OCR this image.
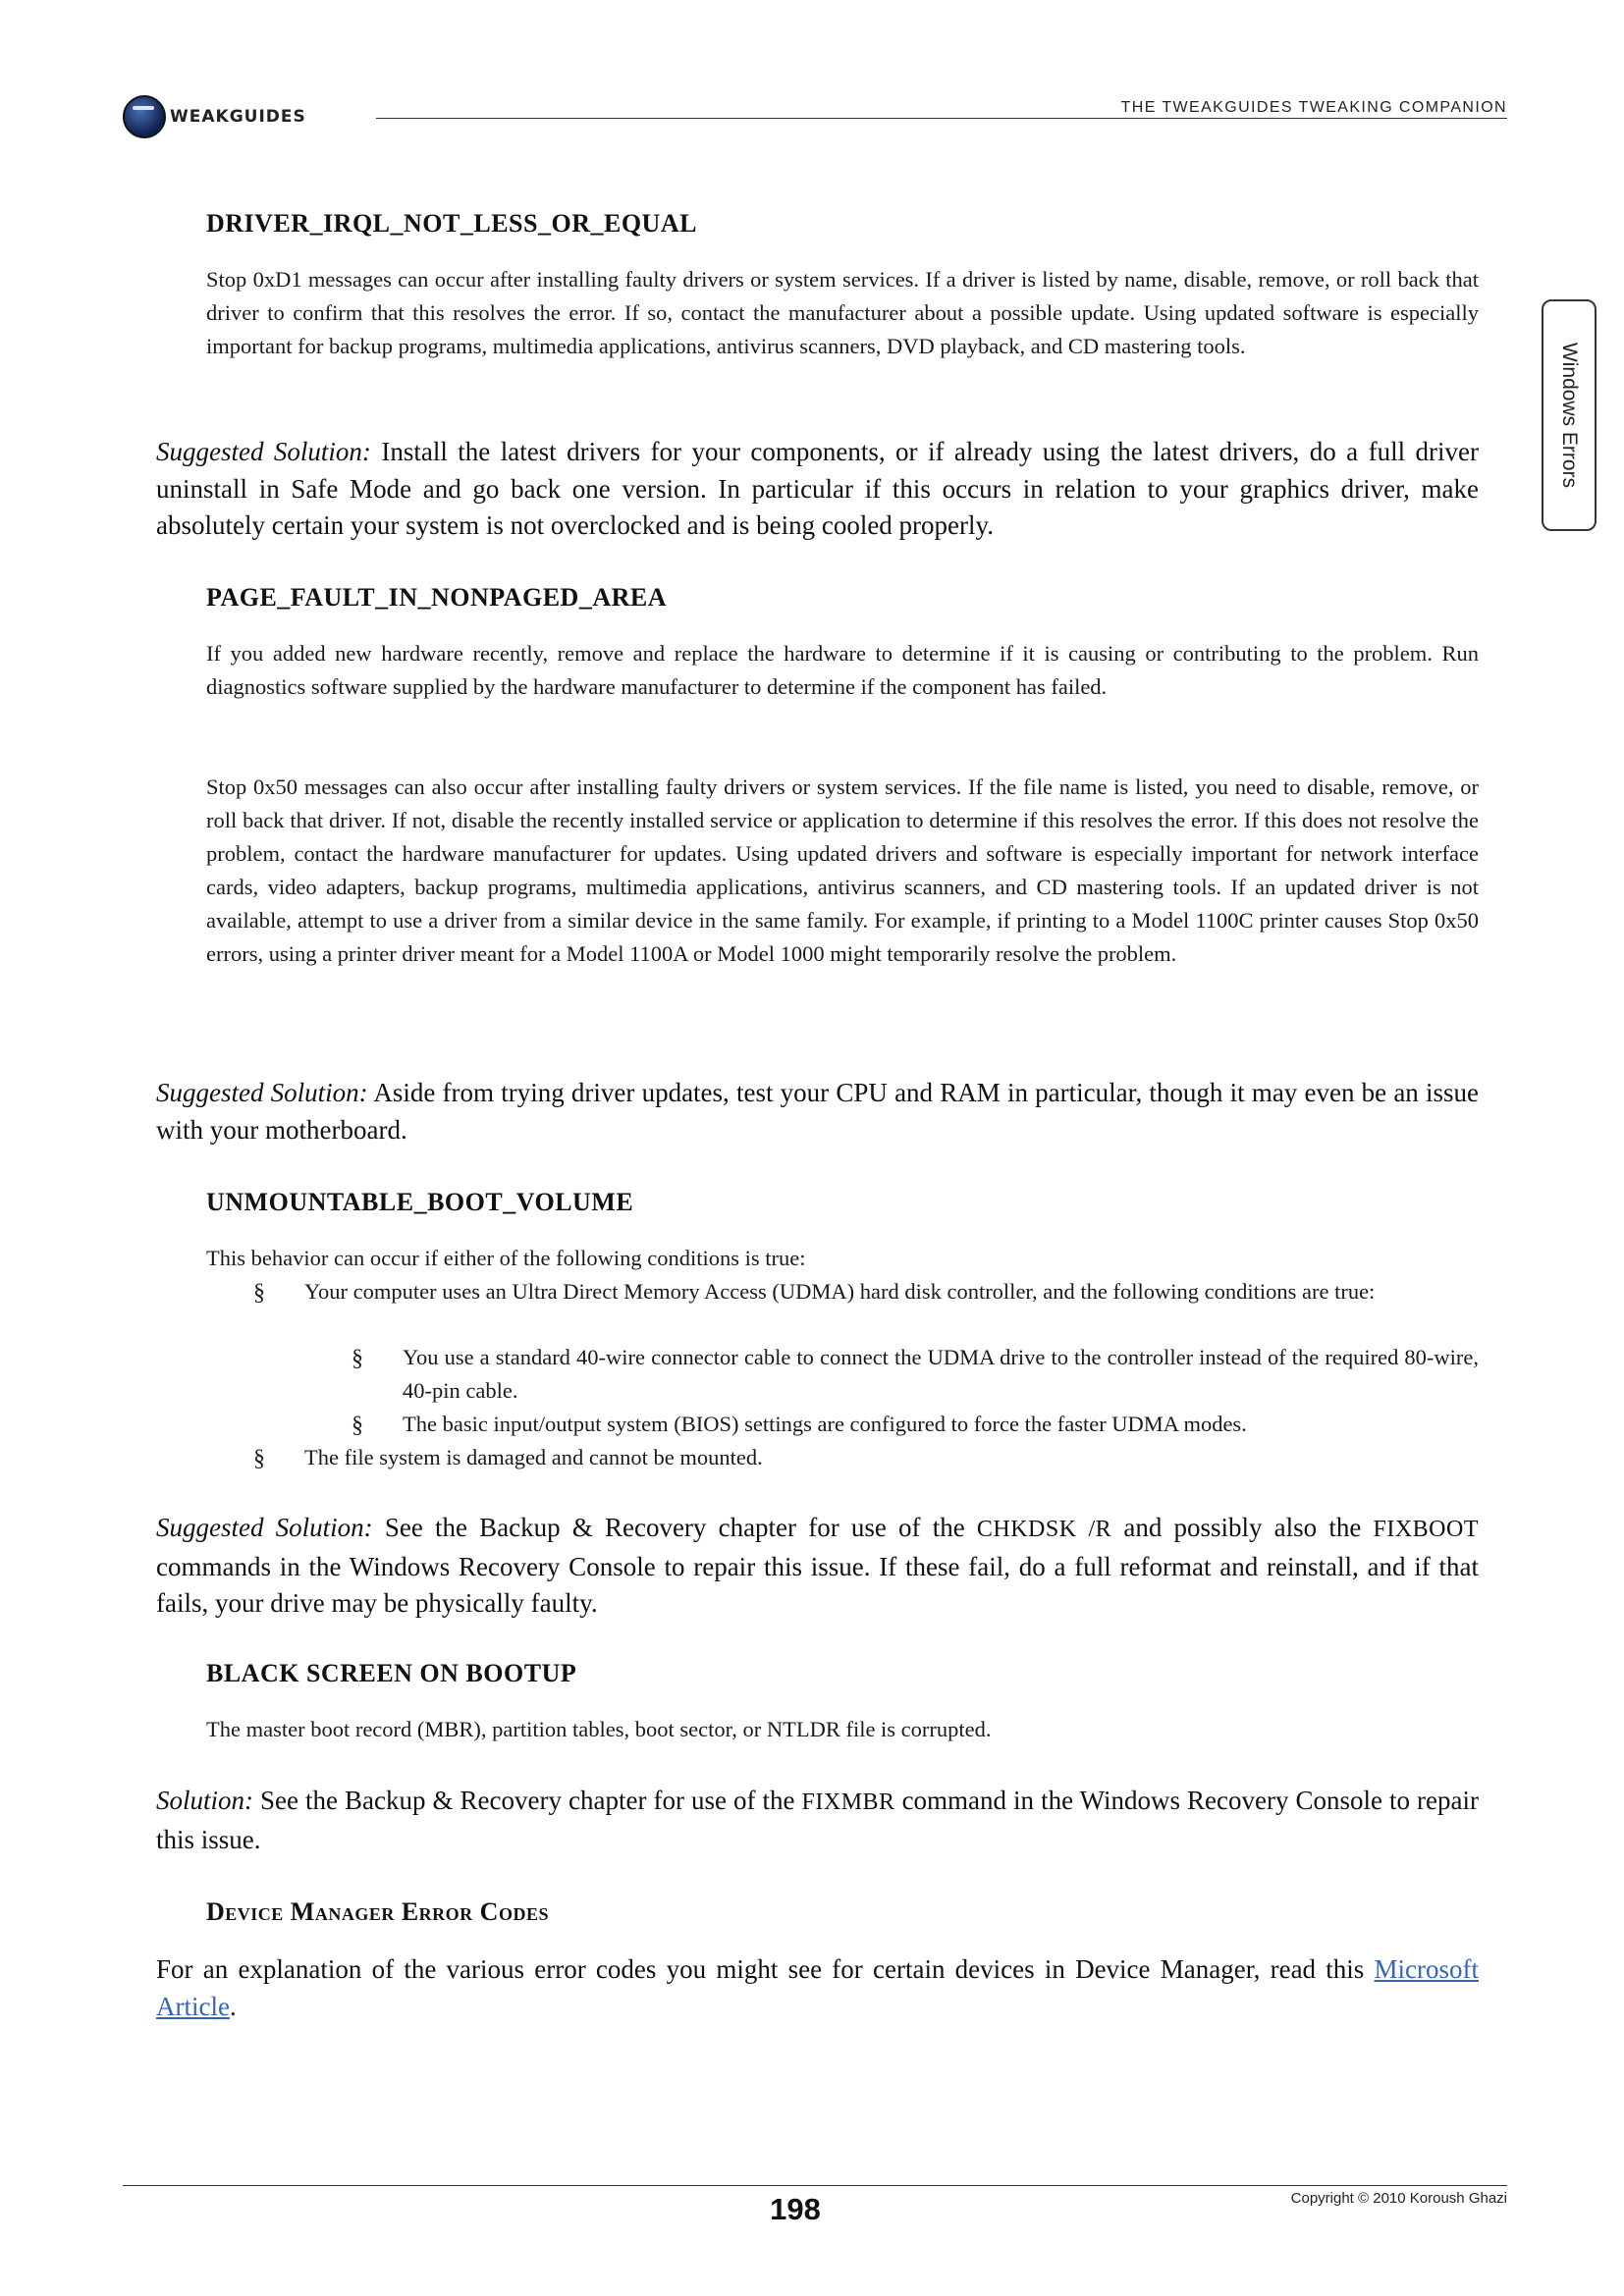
WEAKGUIDES	THE TWEAKGUIDES TWEAKING COMPANION
Windows Errors
DRIVER_IRQL_NOT_LESS_OR_EQUAL
Stop 0xD1 messages can occur after installing faulty drivers or system services. If a driver is listed by name, disable, remove, or roll back that driver to confirm that this resolves the error. If so, contact the manufacturer about a possible update. Using updated software is especially important for backup programs, multimedia applications, antivirus scanners, DVD playback, and CD mastering tools.
Suggested Solution: Install the latest drivers for your components, or if already using the latest drivers, do a full driver uninstall in Safe Mode and go back one version. In particular if this occurs in relation to your graphics driver, make absolutely certain your system is not overclocked and is being cooled properly.
PAGE_FAULT_IN_NONPAGED_AREA
If you added new hardware recently, remove and replace the hardware to determine if it is causing or contributing to the problem. Run diagnostics software supplied by the hardware manufacturer to determine if the component has failed.
Stop 0x50 messages can also occur after installing faulty drivers or system services. If the file name is listed, you need to disable, remove, or roll back that driver. If not, disable the recently installed service or application to determine if this resolves the error. If this does not resolve the problem, contact the hardware manufacturer for updates. Using updated drivers and software is especially important for network interface cards, video adapters, backup programs, multimedia applications, antivirus scanners, and CD mastering tools. If an updated driver is not available, attempt to use a driver from a similar device in the same family. For example, if printing to a Model 1100C printer causes Stop 0x50 errors, using a printer driver meant for a Model 1100A or Model 1000 might temporarily resolve the problem.
Suggested Solution: Aside from trying driver updates, test your CPU and RAM in particular, though it may even be an issue with your motherboard.
UNMOUNTABLE_BOOT_VOLUME
This behavior can occur if either of the following conditions is true:
§ Your computer uses an Ultra Direct Memory Access (UDMA) hard disk controller, and the following conditions are true:
§ You use a standard 40-wire connector cable to connect the UDMA drive to the controller instead of the required 80-wire, 40-pin cable.
§ The basic input/output system (BIOS) settings are configured to force the faster UDMA modes.
§ The file system is damaged and cannot be mounted.
Suggested Solution: See the Backup & Recovery chapter for use of the CHKDSK /R and possibly also the FIXBOOT commands in the Windows Recovery Console to repair this issue. If these fail, do a full reformat and reinstall, and if that fails, your drive may be physically faulty.
BLACK SCREEN ON BOOTUP
The master boot record (MBR), partition tables, boot sector, or NTLDR file is corrupted.
Solution: See the Backup & Recovery chapter for use of the FIXMBR command in the Windows Recovery Console to repair this issue.
Device Manager Error Codes
For an explanation of the various error codes you might see for certain devices in Device Manager, read this Microsoft Article.
198	Copyright © 2010 Koroush Ghazi
